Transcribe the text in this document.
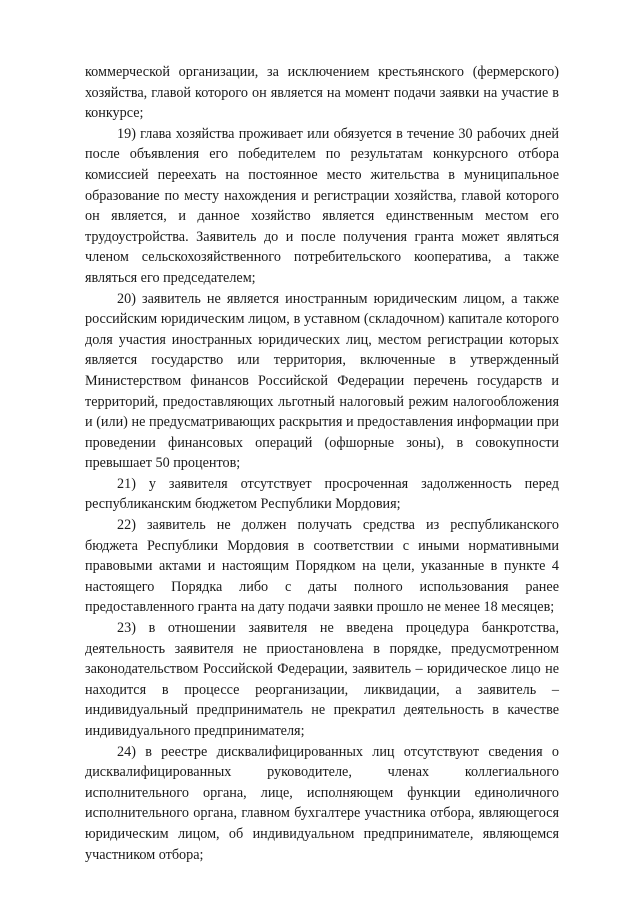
коммерческой организации, за исключением крестьянского (фермерского) хозяйства, главой которого он является на момент подачи заявки на участие в конкурсе;

19) глава хозяйства проживает или обязуется в течение 30 рабочих дней после объявления его победителем по результатам конкурсного отбора комиссией переехать на постоянное место жительства в муниципальное образование по месту нахождения и регистрации хозяйства, главой которого он является, и данное хозяйство является единственным местом его трудоустройства. Заявитель до и после получения гранта может являться членом сельскохозяйственного потребительского кооператива, а также являться его председателем;

20) заявитель не является иностранным юридическим лицом, а также российским юридическим лицом, в уставном (складочном) капитале которого доля участия иностранных юридических лиц, местом регистрации которых является государство или территория, включенные в утвержденный Министерством финансов Российской Федерации перечень государств и территорий, предоставляющих льготный налоговый режим налогообложения и (или) не предусматривающих раскрытия и предоставления информации при проведении финансовых операций (офшорные зоны), в совокупности превышает 50 процентов;

21) у заявителя отсутствует просроченная задолженность перед республиканским бюджетом Республики Мордовия;

22) заявитель не должен получать средства из республиканского бюджета Республики Мордовия в соответствии с иными нормативными правовыми актами и настоящим Порядком на цели, указанные в пункте 4 настоящего Порядка либо с даты полного использования ранее предоставленного гранта на дату подачи заявки прошло не менее 18 месяцев;

23) в отношении заявителя не введена процедура банкротства, деятельность заявителя не приостановлена в порядке, предусмотренном законодательством Российской Федерации, заявитель – юридическое лицо не находится в процессе реорганизации, ликвидации, а заявитель – индивидуальный предприниматель не прекратил деятельность в качестве индивидуального предпринимателя;

24) в реестре дисквалифицированных лиц отсутствуют сведения о дисквалифицированных руководителе, членах коллегиального исполнительного органа, лице, исполняющем функции единоличного исполнительного органа, главном бухгалтере участника отбора, являющегося юридическим лицом, об индивидуальном предпринимателе, являющемся участником отбора;
